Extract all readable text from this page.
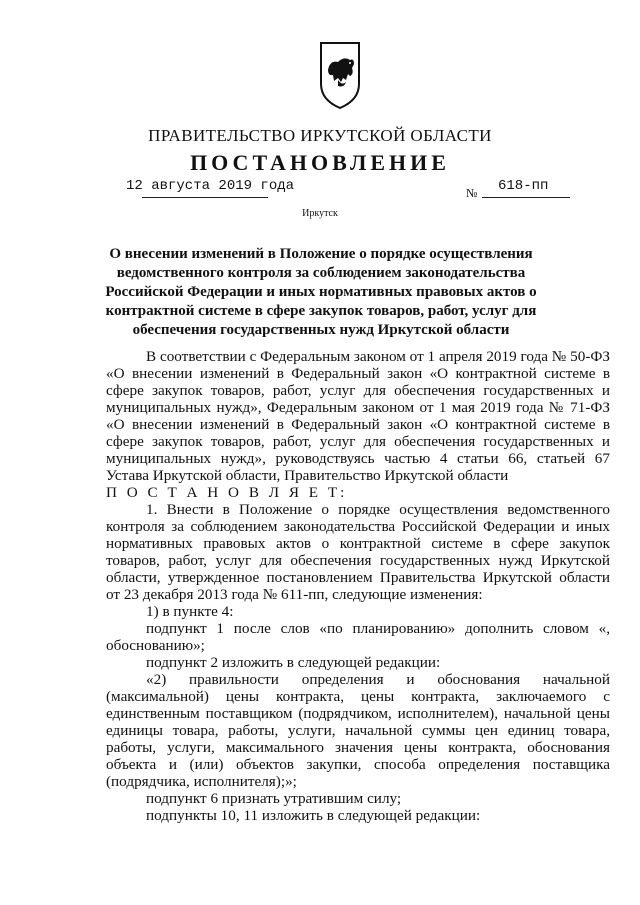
ПРАВИТЕЛЬСТВО ИРКУТСКОЙ ОБЛАСТИ
ПОСТАНОВЛЕНИЕ
12 августа 2019 года	№ 618-пп
Иркутск
О внесении изменений в Положение о порядке осуществления ведомственного контроля за соблюдением законодательства Российской Федерации и иных нормативных правовых актов о контрактной системе в сфере закупок товаров, работ, услуг для обеспечения государственных нужд Иркутской области

В соответствии с Федеральным законом от 1 апреля 2019 года № 50-ФЗ «О внесении изменений в Федеральный закон «О контрактной системе в сфере закупок товаров, работ, услуг для обеспечения государственных и муниципальных нужд», Федеральным законом от 1 мая 2019 года № 71-ФЗ «О внесении изменений в Федеральный закон «О контрактной системе в сфере закупок товаров, работ, услуг для обеспечения государственных и муниципальных нужд», руководствуясь частью 4 статьи 66, статьей 67 Устава Иркутской области, Правительство Иркутской области

П О С Т А Н О В Л Я Е Т:

1. Внести в Положение о порядке осуществления ведомственного контроля за соблюдением законодательства Российской Федерации и иных нормативных правовых актов о контрактной системе в сфере закупок товаров, работ, услуг для обеспечения государственных нужд Иркутской области, утвержденное постановлением Правительства Иркутской области от 23 декабря 2013 года № 611-пп, следующие изменения:

1) в пункте 4:

подпункт 1 после слов «по планированию» дополнить словом «, обоснованию»;

подпункт 2 изложить в следующей редакции:

«2) правильности определения и обоснования начальной (максимальной) цены контракта, цены контракта, заключаемого с единственным поставщиком (подрядчиком, исполнителем), начальной цены единицы товара, работы, услуги, начальной суммы цен единиц товара, работы, услуги, максимального значения цены контракта, обоснования объекта и (или) объектов закупки, способа определения поставщика (подрядчика, исполнителя);»;

подпункт 6 признать утратившим силу;

подпункты 10, 11 изложить в следующей редакции:
